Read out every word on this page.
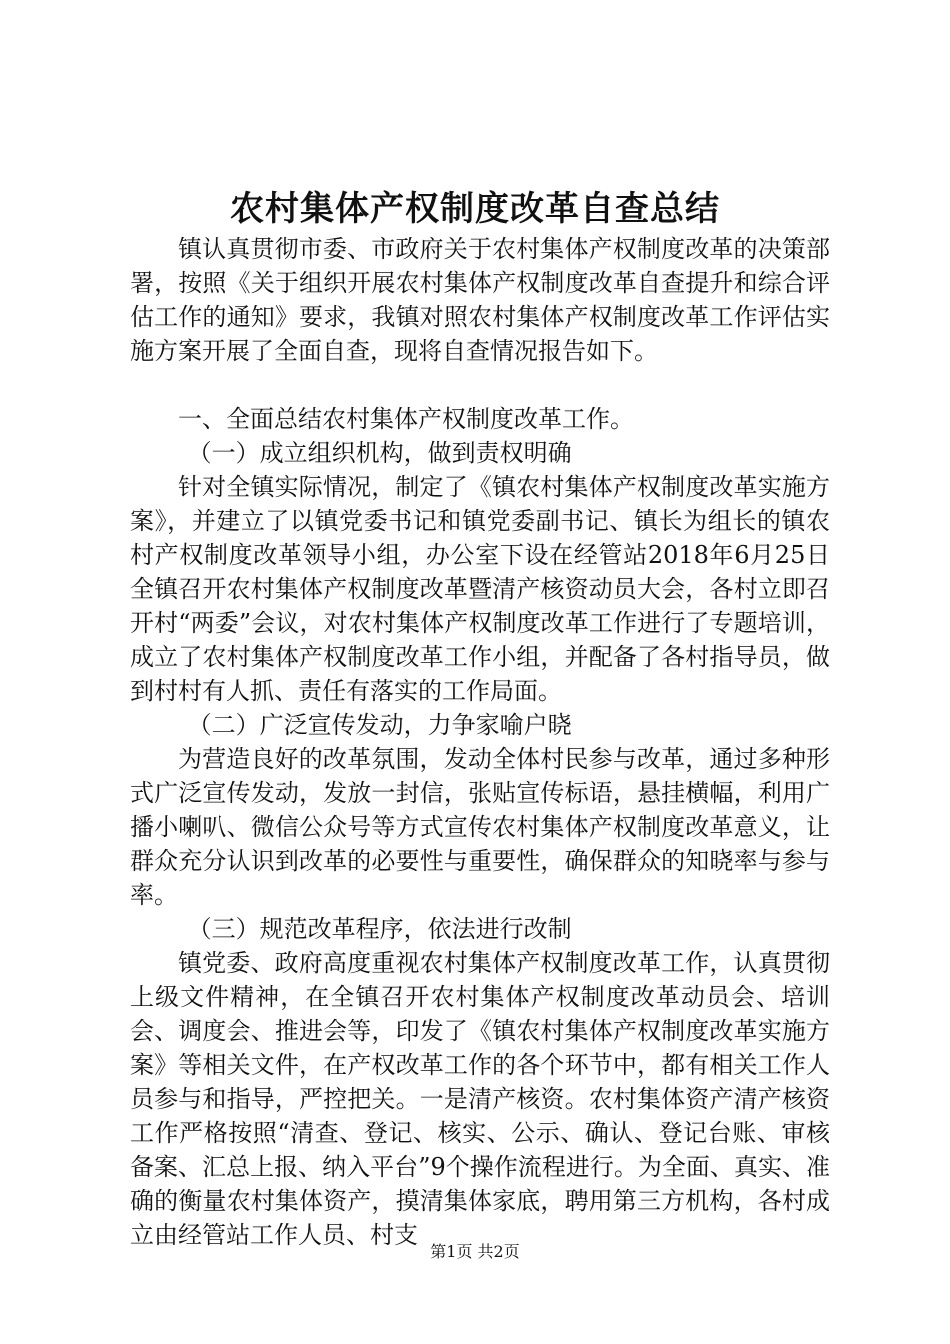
农村集体产权制度改革自查总结

镇认真贯彻市委、市政府关于农村集体产权制度改革的决策部署，按照《关于组织开展农村集体产权制度改革自查提升和综合评估工作的通知》要求，我镇对照农村集体产权制度改革工作评估实施方案开展了全面自查，现将自查情况报告如下。

一、全面总结农村集体产权制度改革工作。

（一）成立组织机构，做到责权明确

针对全镇实际情况，制定了《镇农村集体产权制度改革实施方案》，并建立了以镇党委书记和镇党委副书记、镇长为组长的镇农村产权制度改革领导小组，办公室下设在经管站2018年6月25日全镇召开农村集体产权制度改革暨清产核资动员大会，各村立即召开村“两委”会议，对农村集体产权制度改革工作进行了专题培训，成立了农村集体产权制度改革工作小组，并配备了各村指导员，做到村村有人抓、责任有落实的工作局面。

（二）广泛宣传发动，力争家喻户晓

为营造良好的改革氛围，发动全体村民参与改革，通过多种形式广泛宣传发动，发放一封信，张贴宣传标语，悬挂横幅，利用广播小喇叭、微信公众号等方式宣传农村集体产权制度改革意义，让群众充分认识到改革的必要性与重要性，确保群众的知晓率与参与率。

（三）规范改革程序，依法进行改制

镇党委、政府高度重视农村集体产权制度改革工作，认真贯彻上级文件精神，在全镇召开农村集体产权制度改革动员会、培训会、调度会、推进会等，印发了《镇农村集体产权制度改革实施方案》等相关文件，在产权改革工作的各个环节中，都有相关工作人员参与和指导，严控把关。一是清产核资。农村集体资产清产核资工作严格按照“清查、登记、核实、公示、确认、登记台账、审核备案、汇总上报、纳入平台”9个操作流程进行。为全面、真实、准确的衡量农村集体资产，摸清集体家底，聘用第三方机构，各村成立由经管站工作人员、村支

第1页 共2页
